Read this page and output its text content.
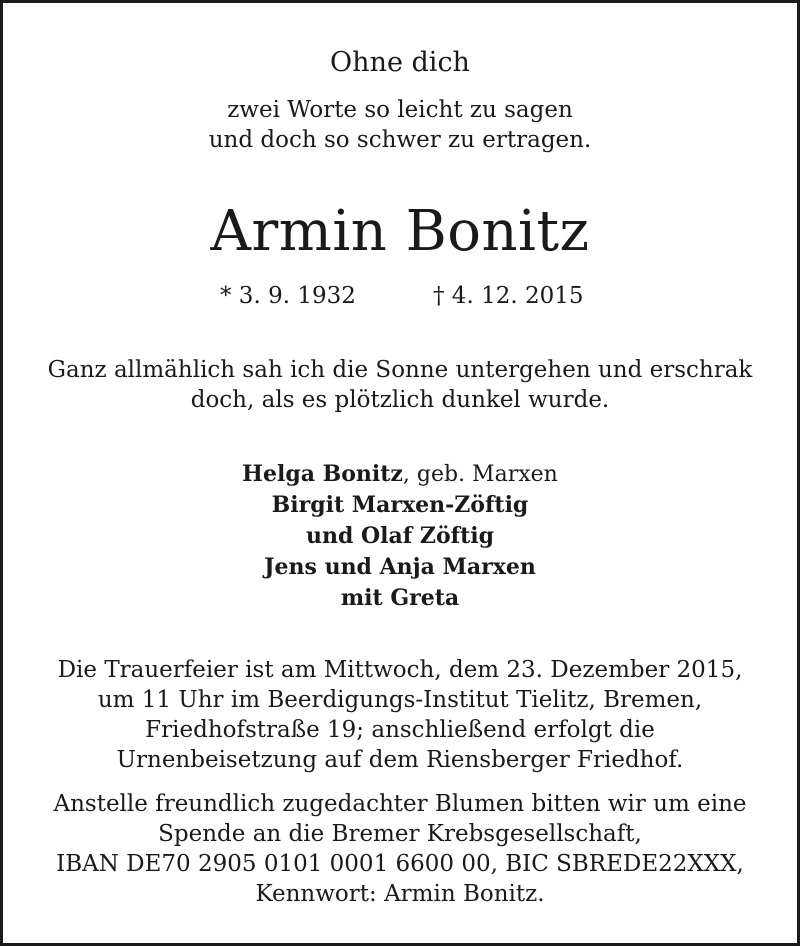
Ohne dich
zwei Worte so leicht zu sagen
und doch so schwer zu ertragen.
Armin Bonitz
* 3. 9. 1932	† 4. 12. 2015
Ganz allmählich sah ich die Sonne untergehen und erschrak
doch, als es plötzlich dunkel wurde.
Helga Bonitz, geb. Marxen
Birgit Marxen-Zöftig
und Olaf Zöftig
Jens und Anja Marxen
mit Greta
Die Trauerfeier ist am Mittwoch, dem 23. Dezember 2015,
um 11 Uhr im Beerdigungs-Institut Tielitz, Bremen,
Friedhofstraße 19; anschließend erfolgt die
Urnenbeisetzung auf dem Riensberger Friedhof.
Anstelle freundlich zugedachter Blumen bitten wir um eine
Spende an die Bremer Krebsgesellschaft,
IBAN DE70 2905 0101 0001 6600 00, BIC SBREDE22XXX,
Kennwort: Armin Bonitz.
